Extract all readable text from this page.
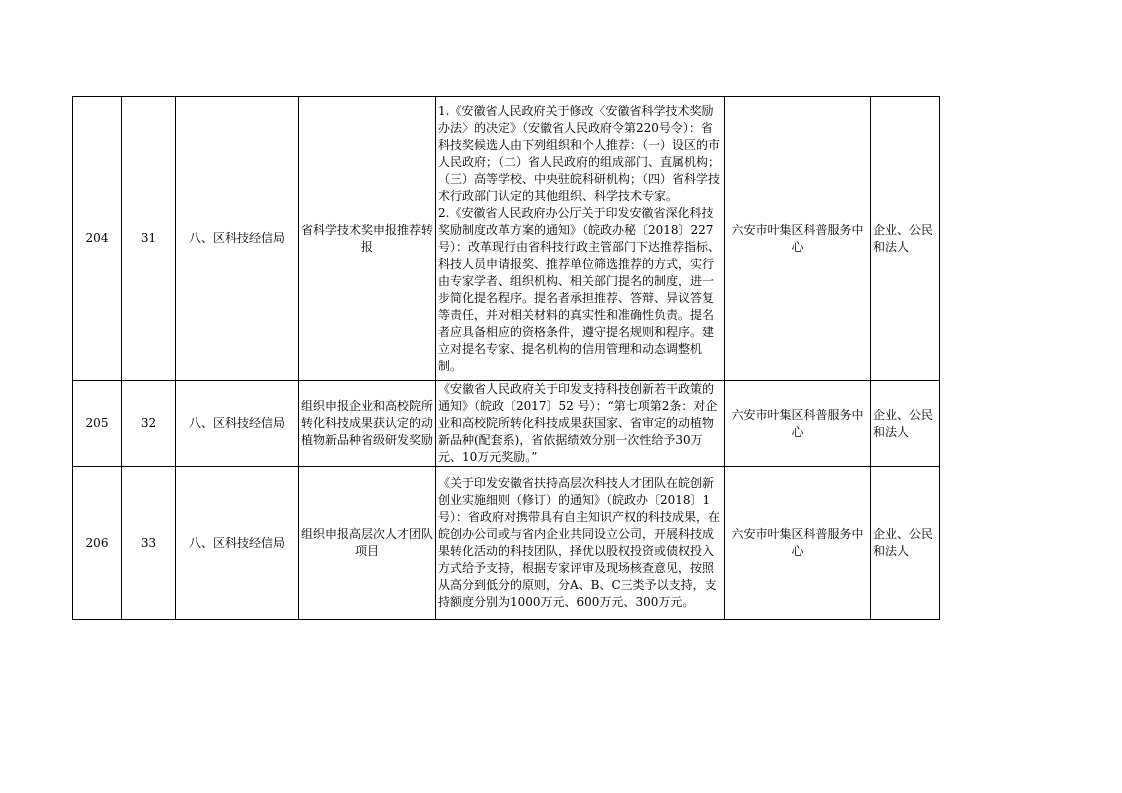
204	31	八、区科技经信局	省科学技术奖申报推荐转报	1.《安徽省人民政府关于修改〈安徽省科学技术奖励办法〉的决定》（安徽省人民政府令第220号令）：省科技奖候选人由下列组织和个人推荐：（一）设区的市人民政府；（二）省人民政府的组成部门、直属机构；（三）高等学校、中央驻皖科研机构；（四）省科学技术行政部门认定的其他组织、科学技术专家。
2.《安徽省人民政府办公厅关于印发安徽省深化科技奖励制度改革方案的通知》（皖政办秘〔2018〕227号）：改革现行由省科技行政主管部门下达推荐指标、科技人员申请报奖、推荐单位筛选推荐的方式，实行由专家学者、组织机构、相关部门提名的制度，进一步简化提名程序。提名者承担推荐、答辩、异议答复等责任，并对相关材料的真实性和准确性负责。提名者应具备相应的资格条件，遵守提名规则和程序。建立对提名专家、提名机构的信用管理和动态调整机制。	六安市叶集区科普服务中心	企业、公民和法人
205	32	八、区科技经信局	组织申报企业和高校院所转化科技成果获认定的动植物新品种省级研发奖励	《安徽省人民政府关于印发支持科技创新若干政策的通知》（皖政〔2017〕52 号）：“第七项第2条：对企业和高校院所转化科技成果获国家、省审定的动植物新品种(配套系)，省依据绩效分别一次性给予30万元、10万元奖励。”	六安市叶集区科普服务中心	企业、公民和法人
206	33	八、区科技经信局	组织申报高层次人才团队项目	《关于印发安徽省扶持高层次科技人才团队在皖创新创业实施细则（修订）的通知》（皖政办〔2018〕1号）：省政府对携带具有自主知识产权的科技成果，在皖创办公司或与省内企业共同设立公司，开展科技成果转化活动的科技团队，择优以股权投资或债权投入方式给予支持，根据专家评审及现场核查意见，按照从高分到低分的原则，分A、B、C三类予以支持，支持额度分别为1000万元、600万元、300万元。	六安市叶集区科普服务中心	企业、公民和法人
